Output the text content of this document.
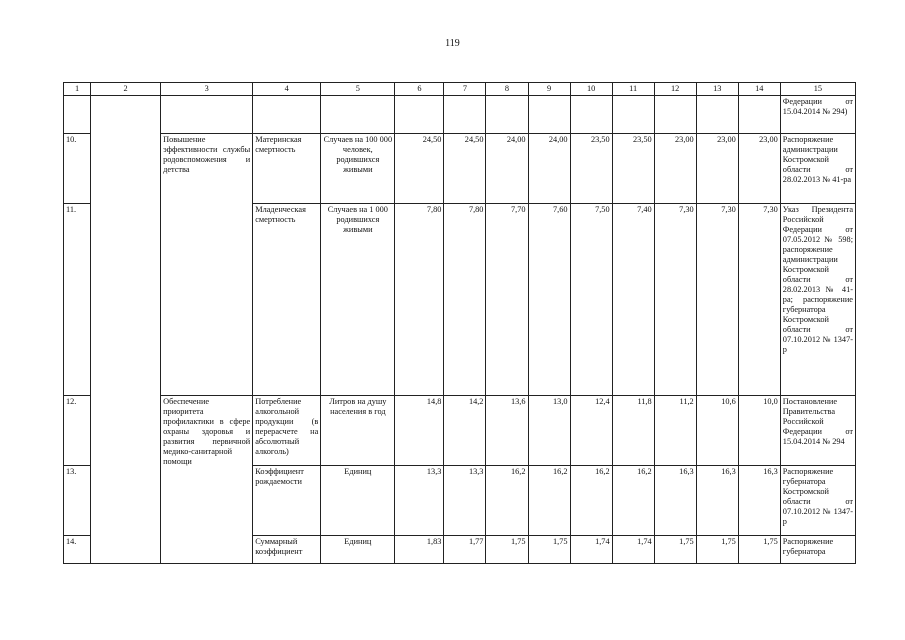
119
1	2	3	4	5	6	7	8	9	10	11	12	13	14	15
														Федерации от 15.04.2014 № 294)
10.		Повышение эффективности службы родовспоможения и детства	Материнская смертность	Случаев на 100 000 человек, родившихся живыми	24,50	24,50	24,00	24,00	23,50	23,50	23,00	23,00	23,00	Распоряжение администрации Костромской области от 28.02.2013 № 41-ра
11.			Младенческая смертность	Случаев на 1 000 родившихся живыми	7,80	7,80	7,70	7,60	7,50	7,40	7,30	7,30	7,30	Указ Президента Российской Федерации от 07.05.2012 № 598; распоряжение администрации Костромской области от 28.02.2013 № 41-ра; распоряжение губернатора Костромской области от 07.10.2012 № 1347-р
12.		Обеспечение приоритета профилактики в сфере охраны здоровья и развития первичной медико-санитарной помощи	Потребление алкогольной продукции (в перерасчете на абсолютный алкоголь)	Литров на душу населения в год	14,8	14,2	13,6	13,0	12,4	11,8	11,2	10,6	10,0	Постановление Правительства Российской Федерации от 15.04.2014 № 294
13.			Коэффициент рождаемости	Единиц	13,3	13,3	16,2	16,2	16,2	16,2	16,3	16,3	16,3	Распоряжение губернатора Костромской области от 07.10.2012 № 1347-р
14.			Суммарный коэффициент	Единиц	1,83	1,77	1,75	1,75	1,74	1,74	1,75	1,75	1,75	Распоряжение губернатора
